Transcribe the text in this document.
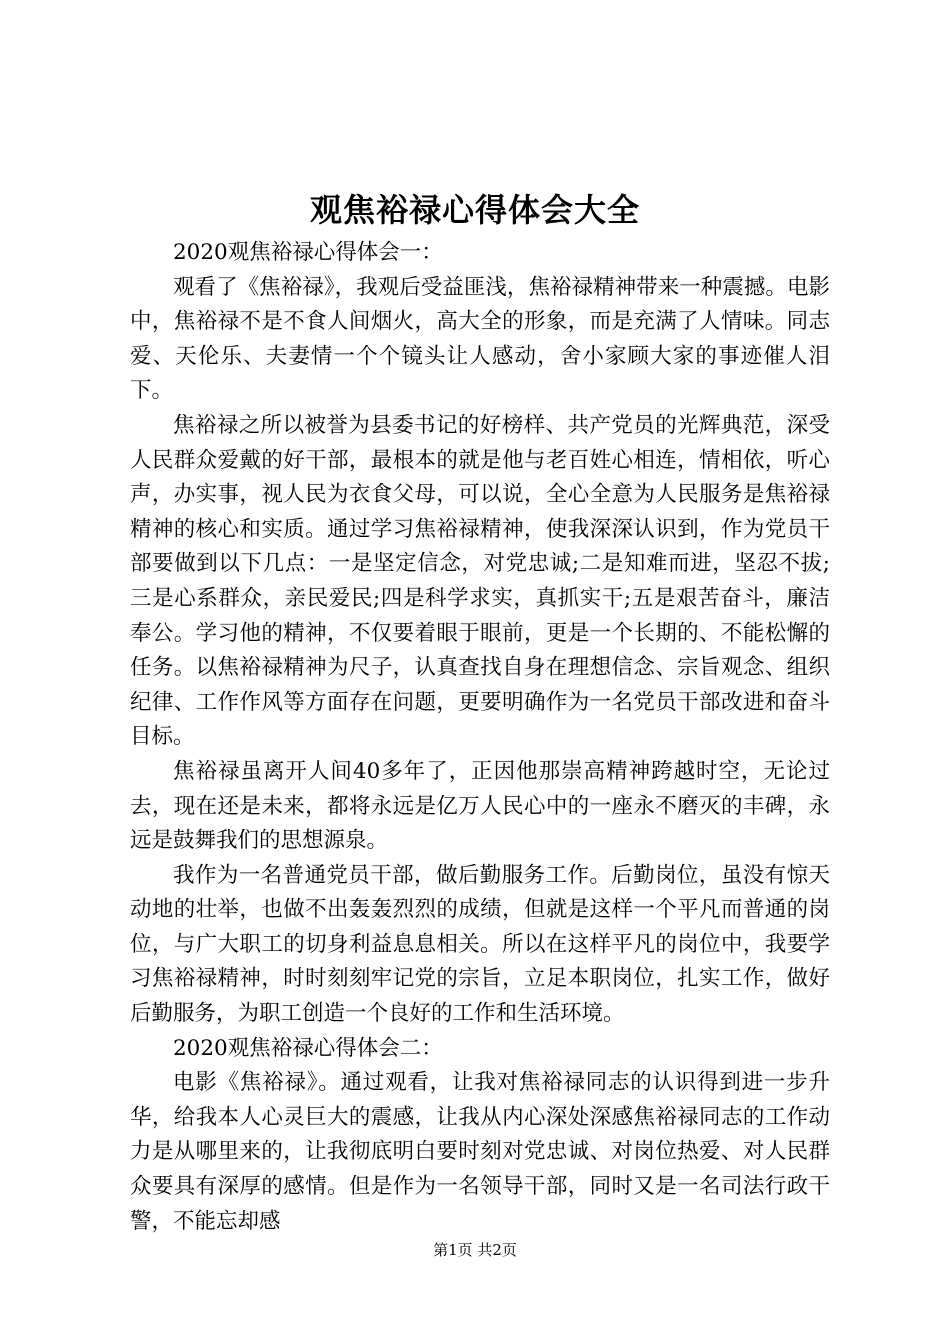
观焦裕禄心得体会大全

2020观焦裕禄心得体会一：

观看了《焦裕禄》，我观后受益匪浅，焦裕禄精神带来一种震撼。电影中，焦裕禄不是不食人间烟火，高大全的形象，而是充满了人情味。同志爱、天伦乐、夫妻情一个个镜头让人感动，舍小家顾大家的事迹催人泪下。

焦裕禄之所以被誉为县委书记的好榜样、共产党员的光辉典范，深受人民群众爱戴的好干部，最根本的就是他与老百姓心相连，情相依，听心声，办实事，视人民为衣食父母，可以说，全心全意为人民服务是焦裕禄精神的核心和实质。通过学习焦裕禄精神，使我深深认识到，作为党员干部要做到以下几点：一是坚定信念，对党忠诚;二是知难而进，坚忍不拔;三是心系群众，亲民爱民;四是科学求实，真抓实干;五是艰苦奋斗，廉洁奉公。学习他的精神，不仅要着眼于眼前，更是一个长期的、不能松懈的任务。以焦裕禄精神为尺子，认真查找自身在理想信念、宗旨观念、组织纪律、工作作风等方面存在问题，更要明确作为一名党员干部改进和奋斗目标。

焦裕禄虽离开人间40多年了，正因他那崇高精神跨越时空，无论过去，现在还是未来，都将永远是亿万人民心中的一座永不磨灭的丰碑，永远是鼓舞我们的思想源泉。

我作为一名普通党员干部，做后勤服务工作。后勤岗位，虽没有惊天动地的壮举，也做不出轰轰烈烈的成绩，但就是这样一个平凡而普通的岗位，与广大职工的切身利益息息相关。所以在这样平凡的岗位中，我要学习焦裕禄精神，时时刻刻牢记党的宗旨，立足本职岗位，扎实工作，做好后勤服务，为职工创造一个良好的工作和生活环境。

2020观焦裕禄心得体会二：

电影《焦裕禄》。通过观看，让我对焦裕禄同志的认识得到进一步升华，给我本人心灵巨大的震感，让我从内心深处深感焦裕禄同志的工作动力是从哪里来的，让我彻底明白要时刻对党忠诚、对岗位热爱、对人民群众要具有深厚的感情。但是作为一名领导干部，同时又是一名司法行政干警，不能忘却感

第1页 共2页
